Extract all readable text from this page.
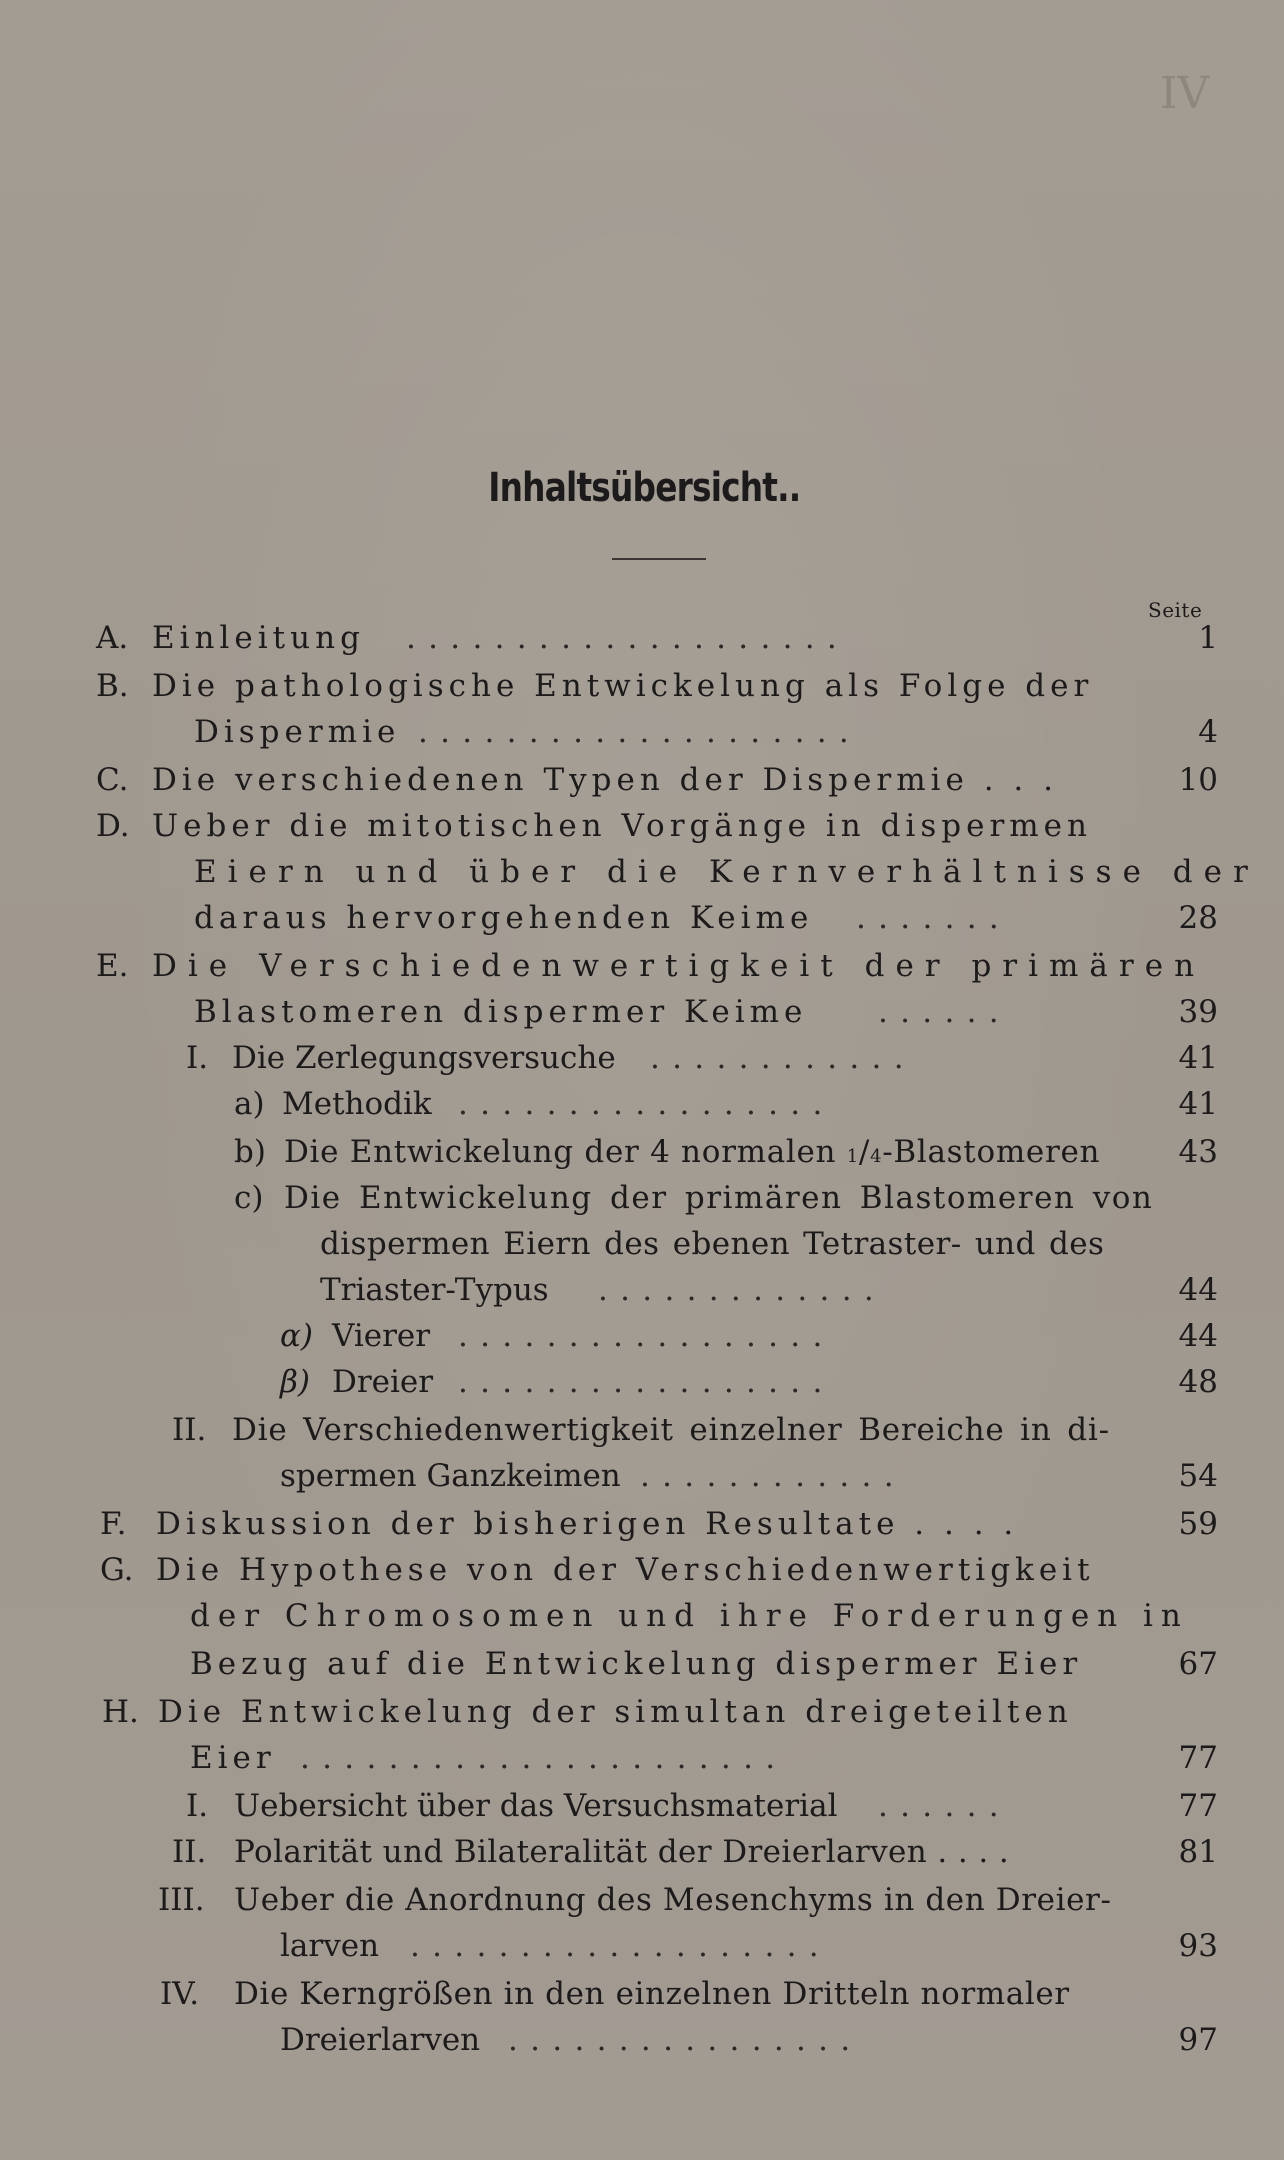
IV
Inhaltsübersicht..
Seite
A. Einleitung ....................	1
B. Die pathologische Entwickelung als Folge der
Dispermie ....................	4
C. Die verschiedenen Typen der Dispermie . . .	10
D. Ueber die mitotischen Vorgänge in dispermen
Eiern und über die Kernverhältnisse der
daraus hervorgehenden Keime .......	28
E. Die Verschiedenwertigkeit der primären
Blastomeren dispermer Keime ......	39
I. Die Zerlegungsversuche ............	41
a) Methodik .................	41
b) Die Entwickelung der 4 normalen 1 / 4 -Blastomeren	43
c) Die Entwickelung der primären Blastomeren von
dispermen Eiern des ebenen Tetraster- und des
Triaster-Typus .............	44
α) Vierer .................	44
β) Dreier .................	48
II. Die Verschiedenwertigkeit einzelner Bereiche in di-
spermen Ganzkeimen ............	54
F. Diskussion der bisherigen Resultate . . . .	59
G. Die Hypothese von der Verschiedenwertigkeit
der Chromosomen und ihre Forderungen in
Bezug auf die Entwickelung dispermer Eier	67
H. Die Entwickelung der simultan dreigeteilten
Eier ......................	77
I. Uebersicht über das Versuchsmaterial ......	77
II. Polarität und Bilateralität der Dreierlarven . . . .	81
III. Ueber die Anordnung des Mesenchyms in den Dreier-
larven ...................	93
IV. Die Kerngrößen in den einzelnen Dritteln normaler
Dreierlarven ................	97
